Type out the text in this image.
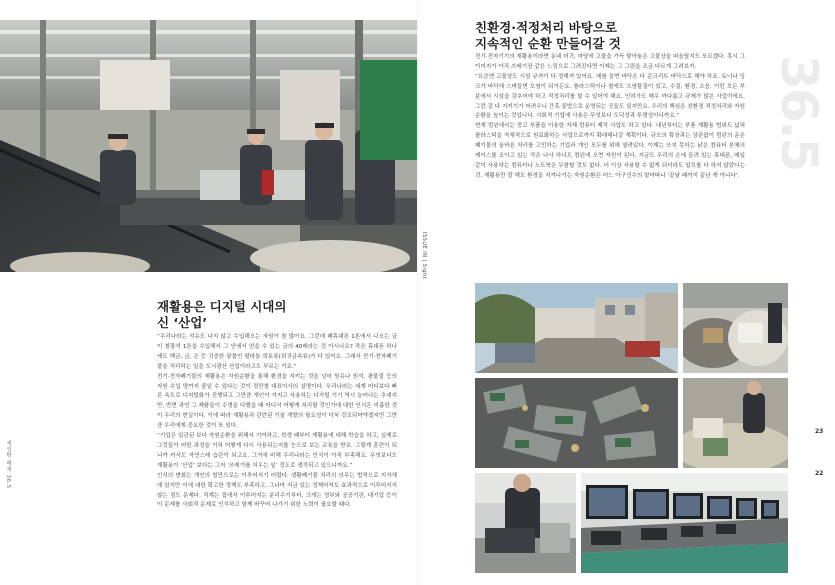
ISSUE IN | Sight
세상밖 헤세 36.5
재활용은 디지털 시대의
신 ‘산업’

“우리나라는 석유도 나지 않고 수입해오는 자원이 참 많아요. 그런데 폐휴대폰 1톤에서 나오는 금이 철광석 1톤을 수입해서 그 안에서 얻을 수 있는 금의 40배라는 것 아시나요? 작은 휴대폰 하나에도 백금, 금, 은 등 귀중한 광물인 팔라듐 희토류(희귀금속류)가 다 있어요. 그래서 전기·전자폐기물을 처리하는 일을 도시광산 산업이라고도 부르는 거죠.”

전기·전자폐기물의 재활용은 자원순환을 통해 환경을 지키는 것을 넘어 원유나 원석, 광물질 등의 자원 수입 양까지 줄일 수 있다는 것이 정만철 대표이사의 설명이다. 우리나라는 세계 어디보다 빠른 속도로 디지털화가 진행되고 그만큼 개인이 가지고 사용하는 디지털 기기 역시 늘어나는 추세지만, 반면 과연 그 제품들이 수명을 다했을 때 어디서 어떻게 처리될 것인가에 대한 인식은 미흡한 것이 우리의 현실이다. 이에 따라 재활용과 관련된 기술 개발의 필요성이 더욱 강조되어야겠지만 그만큼 우리에게 중요한 것이 또 있다.

“기업은 일관된 보다 자원순환을 위해서 기여하고, 학생 때부터 재활용에 대해 학습을 하고, 실제로 그것들이 어떤 과정을 거쳐 어떻게 다시 사용되는지를 눈으로 보는 교육을 받죠. 그렇게 훈련이 되니까 커서도 자연스레 습관이 되고요. 그거에 비해 우리나라는 인식이 아직 부족해요. 무엇보다도 재활용이 ‘산업’ 보다는 그저 ‘쓰레기를 치우는 일’ 정도로 생각되고 있으니까요.”

인식의 변화는 개인의 힘만으로는 이루어지기 어렵다. 생활폐기물 처리의 의무는 법적으로 지자체에 있지만 이에 대한 확고한 정책도 부족하고, 그나마 지금 있는 정책마저도 효과적으로 이루어지지 않는 점도 문제다. 직계는 집에서 이루어지는 분리수거부터, 크게는 정부와 공공기관, 대기업 등이 이 문제를 사회적 문제로 인식하고 함께 바꾸어 나가기 위한 노력이 필요할 때다.

친환경·적정처리 바탕으로
지속적인 순환 만들어갈 것

전기·전자기기의 재활용이라면 동네 어귀, 마당에 고물을 가득 쌓아놓은 고물상을 떠올릴지도 모르겠다. 혹시 그 이미지가 아직 쓰레기장 같은 느낌으로 그려진다면 이제는 그 그림을 조금 다르게 그려보자.

“요즘엔 고물상도 시설 규격이 다 정해져 있어요. 예를 들면 바닥은 다 콘크리트 바닥으로 해야 하죠. 토너나 잉크가 바닥에 스며들면 오염이 되거든요. 플라스틱이나 철에도 오염물질이 있고, 수질, 환경, 소음, 이런 모든 부분에서 시설을 갖추어야 하고 적정처리를 할 수 있어야 해요. 인허가도 매우 까다롭고 규제가 많은 사업이에요. 그런 걸 다 지키기가 어려우니 간혹 불법으로 운영되는 곳들도 있지만요. 우리의 핵심은 친환경 적정처리와 자원순환을 높이는 것입니다. 사회적 기업에 사용은 무엇보다 도덕성과 투명성이니까요.”

현재 컴윈에서는 중고 부품을 이용한 자체 컴퓨터 제작 사업도 하고 있다. 내년부터는 부품 재활용 범위도 넓혀 플라스틱을 자체적으로 원료화하는 사업으로까지 확대해나갈 계획이다. 규모의 확장과는 상관없이 컴윈의 운은 폐기물의 올바른 처리를 고민하는 기업과 개인 모두를 위해 열려있다. 이제는 쓰지 못하는 낡은 컴퓨터 본체의 케이스를 조이고 있는 작은 나사 하나도 컴윈에 오면 자원이 된다. 지금도 우리의 손에 들려 있는 휴대폰, 매일 같이 사용하는 컴퓨터나 노트북은 무참할 것도 없다. 더 이상 사용할 수 없게 되더라도 일모를 다 하지 않았다는 것. 재활용만 잘 해도 환경을 지켜나가는 자원순환은 어느 아구선수의 말마따나 ‘끝날 때까지 끝난 게 아니다’.

36.5
23
22
